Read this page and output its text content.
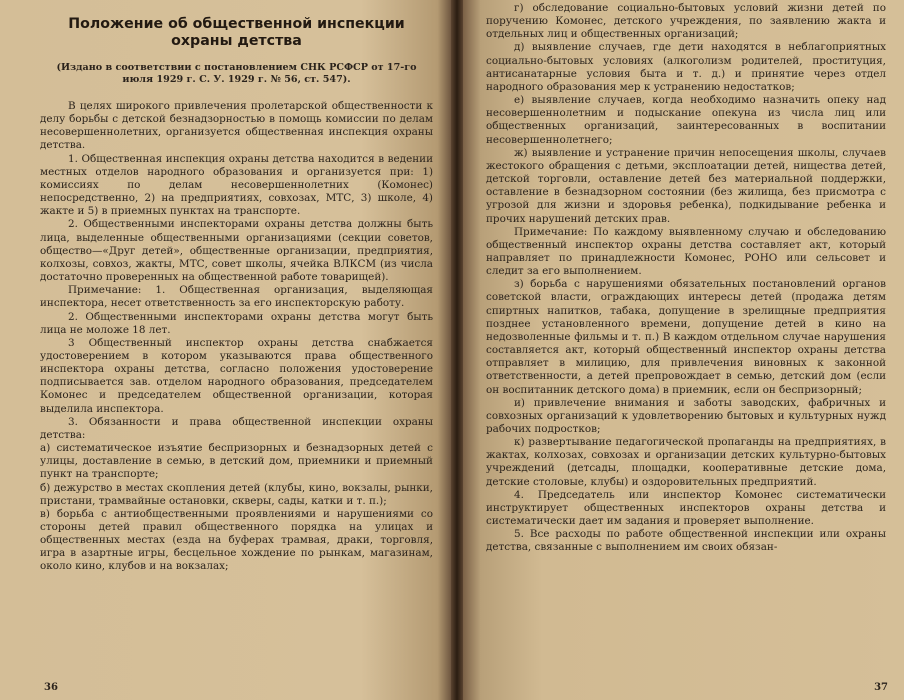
Положение об общественной инспекции охраны детства
(Издано в соответствии с постановлением СНК РСФСР от 17-го июля 1929 г. С. У. 1929 г. № 56, ст. 547).

В целях широкого привлечения пролетарской общественности к делу борьбы с детской безнадзорностью в помощь комиссии по делам несовершеннолетних, организуется общественная инспекция охраны детства.

1. Общественная инспекция охраны детства находится в ведении местных отделов народного образования и организуется при: 1) комиссиях по делам несовершеннолетних (Комонес) непосредственно, 2) на предприятиях, совхозах, МТС, 3) школе, 4) жакте и 5) в приемных пунктах на транспорте.

2. Общественными инспекторами охраны детства должны быть лица, выделенные общественными организациями (секции советов, общество—«Друг детей», общественные организации, предприятия, колхозы, совхоз, жакты, МТС, совет школы, ячейка ВЛКСМ (из числа достаточно проверенных на общественной работе товарищей).

Примечание: 1. Общественная организация, выделяющая инспектора, несет ответственность за его инспекторскую работу.

2. Общественными инспекторами охраны детства могут быть лица не моложе 18 лет.

3 Общественный инспектор охраны детства снабжается удостоверением в котором указываются права общественного инспектора охраны детства, согласно положения удостоверение подписывается зав. отделом народного образования, председателем Комонес и председателем общественной организации, которая выделила инспектора.

3. Обязанности и права общественной инспекции охраны детства:

а) систематическое изъятие беспризорных и безнадзорных детей с улицы, доставление в семью, в детский дом, приемники и приемный пункт на транспорте;

б) дежурство в местах скопления детей (клубы, кино, вокзалы, рынки, пристани, трамвайные остановки, скверы, сады, катки и т. п.);

в) борьба с антиобщественными проявлениями и нарушениями со стороны детей правил общественного порядка на улицах и общественных местах (езда на буферах трамвая, драки, торговля, игра в азартные игры, бесцельное хождение по рынкам, магазинам, около кино, клубов и на вокзалах;

36

г) обследование социально-бытовых условий жизни детей по поручению Комонес, детского учреждения, по заявлению жакта и отдельных лиц и общественных организаций;

д) выявление случаев, где дети находятся в неблагоприятных социально-бытовых условиях (алкоголизм родителей, проституция, антисанатарные условия быта и т. д.) и принятие через отдел народного образования мер к устранению недостатков;

е) выявление случаев, когда необходимо назначить опеку над несовершеннолетним и подыскание опекуна из числа лиц или общественных организаций, заинтересованных в воспитании несовершеннолетнего;

ж) выявление и устранение причин непосещения школы, случаев жестокого обращения с детьми, эксплоатации детей, нищества детей, детской торговли, оставление детей без материальной поддержки, оставление в безнадзорном состоянии (без жилища, без присмотра с угрозой для жизни и здоровья ребенка), подкидывание ребенка и прочих нарушений детских прав.

Примечание: По каждому выявленному случаю и обследованию общественный инспектор охраны детства составляет акт, который направляет по принадлежности Комонес, РОНО или сельсовет и следит за его выполнением.

з) борьба с нарушениями обязательных постановлений органов советской власти, ограждающих интересы детей (продажа детям спиртных напитков, табака, допущение в зрелищные предприятия позднее установленного времени, допущение детей в кино на недозволенные фильмы и т. п.) В каждом отдельном случае нарушения составляется акт, который общественный инспектор охраны детства отправляет в милицию, для привлечения виновных к законной ответственности, а детей препровождает в семью, детский дом (если он воспитанник детского дома) в приемник, если он беспризорный;

и) привлечение внимания и заботы заводских, фабричных и совхозных организаций к удовлетворению бытовых и культурных нужд рабочих подростков;

к) развертывание педагогической пропаганды на предприятиях, в жактах, колхозах, совхозах и организации детских культурно-бытовых учреждений (детсады, площадки, кооперативные детские дома, детские столовые, клубы) и оздоровительных предприятий.

4. Председатель или инспектор Комонес систематически инструктирует общественных инспекторов охраны детства и систематически дает им задания и проверяет выполнение.

5. Все расходы по работе общественной инспекции или охраны детства, связанные с выполнением им своих обязан-

37
